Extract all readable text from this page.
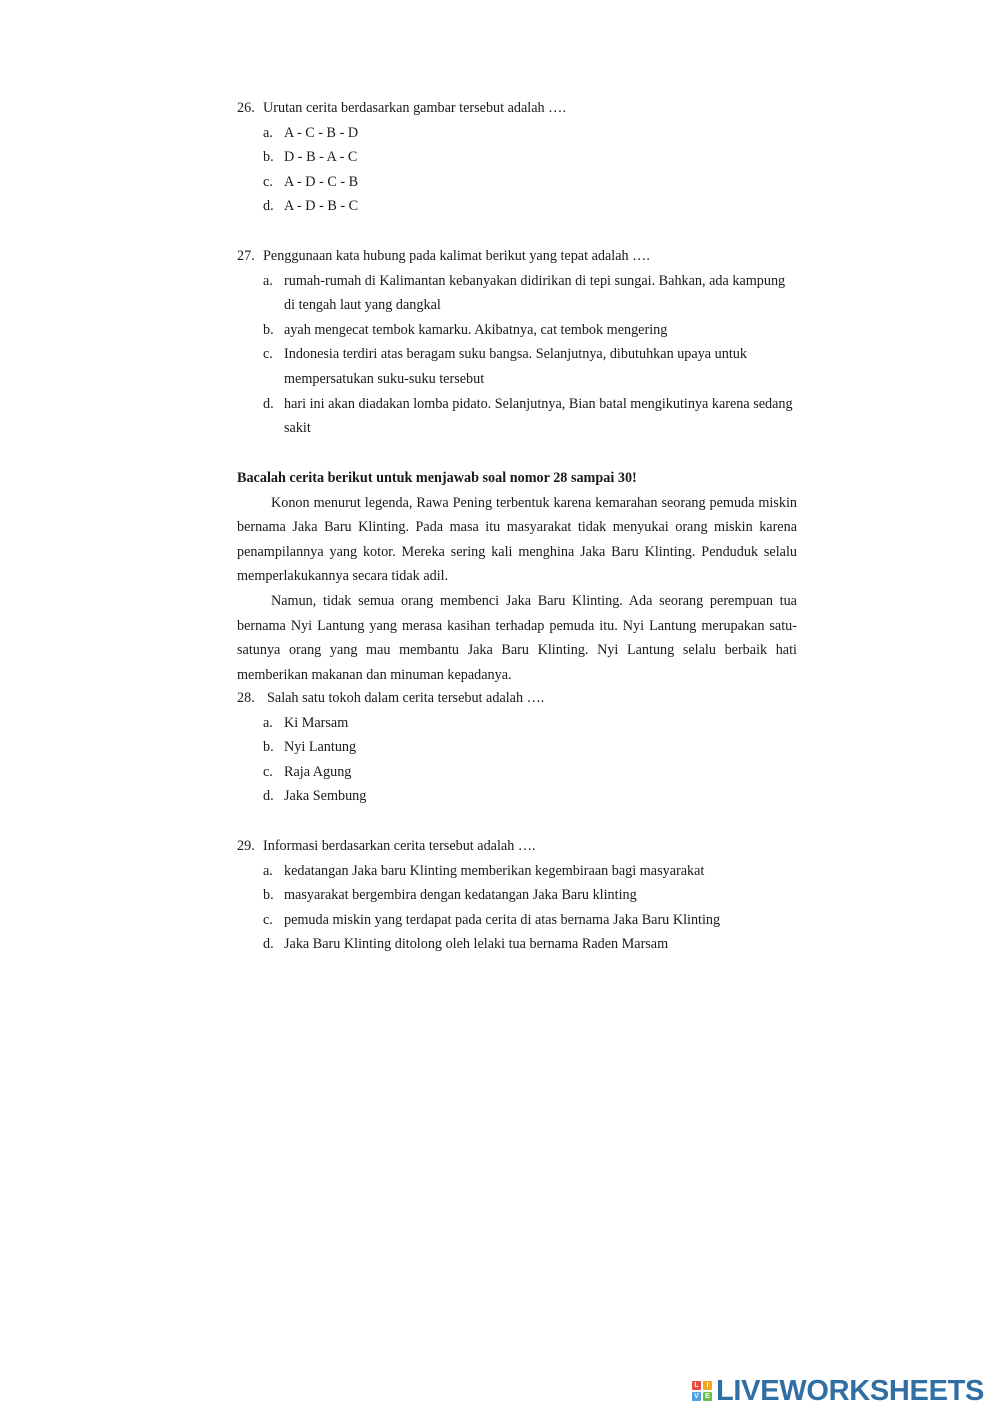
26. Urutan cerita berdasarkan gambar tersebut adalah ….
a. A - C - B - D
b. D - B - A - C
c. A - D - C - B
d. A - D - B - C
27. Penggunaan kata hubung pada kalimat berikut yang tepat adalah ….
a. rumah-rumah di Kalimantan kebanyakan didirikan di tepi sungai. Bahkan, ada kampung di tengah laut yang dangkal
b. ayah mengecat tembok kamarku. Akibatnya, cat tembok mengering
c. Indonesia terdiri atas beragam suku bangsa. Selanjutnya, dibutuhkan upaya untuk mempersatukan suku-suku tersebut
d. hari ini akan diadakan lomba pidato. Selanjutnya, Bian batal mengikutinya karena sedang sakit
Bacalah cerita berikut untuk menjawab soal nomor 28 sampai 30!

Konon menurut legenda, Rawa Pening terbentuk karena kemarahan seorang pemuda miskin bernama Jaka Baru Klinting. Pada masa itu masyarakat tidak menyukai orang miskin karena penampilannya yang kotor. Mereka sering kali menghina Jaka Baru Klinting. Penduduk selalu memperlakukannya secara tidak adil.

Namun, tidak semua orang membenci Jaka Baru Klinting. Ada seorang perempuan tua bernama Nyi Lantung yang merasa kasihan terhadap pemuda itu. Nyi Lantung merupakan satu-satunya orang yang mau membantu Jaka Baru Klinting. Nyi Lantung selalu berbaik hati memberikan makanan dan minuman kepadanya.

28. Salah satu tokoh dalam cerita tersebut adalah ….
a. Ki Marsam
b. Nyi Lantung
c. Raja Agung
d. Jaka Sembung
29. Informasi berdasarkan cerita tersebut adalah ….
a. kedatangan Jaka baru Klinting memberikan kegembiraan bagi masyarakat
b. masyarakat bergembira dengan kedatangan Jaka Baru klinting
c. pemuda miskin yang terdapat pada cerita di atas bernama Jaka Baru Klinting
d. Jaka Baru Klinting ditolong oleh lelaki tua bernama Raden Marsam
L	I
V E LIVEWORKSHEETS
